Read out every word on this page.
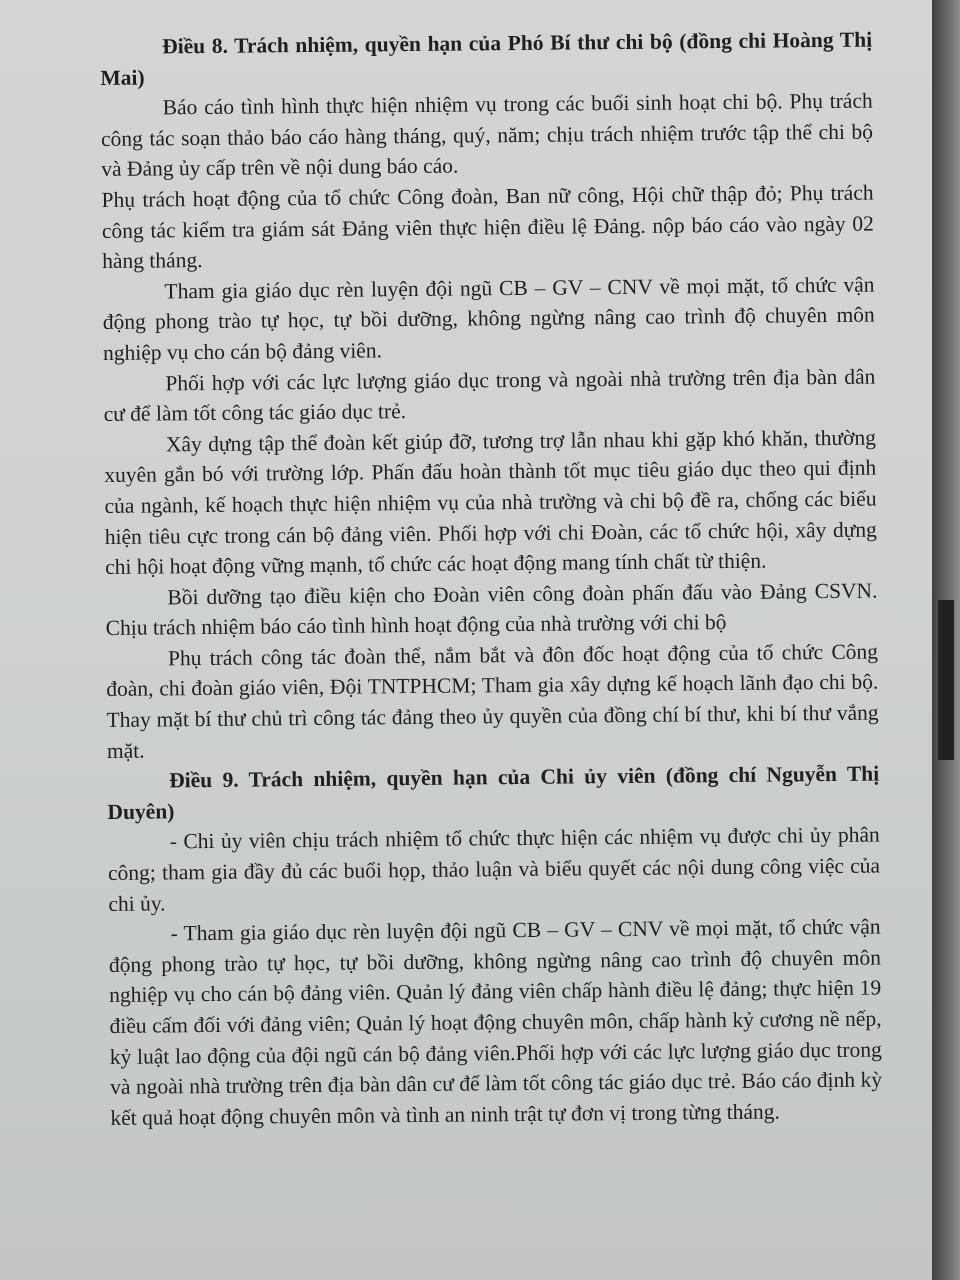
Điều 8. Trách nhiệm, quyền hạn của Phó Bí thư chi bộ (đồng chi Hoàng Thị Mai)

Báo cáo tình hình thực hiện nhiệm vụ trong các buổi sinh hoạt chi bộ. Phụ trách công tác soạn thảo báo cáo hàng tháng, quý, năm; chịu trách nhiệm trước tập thể chi bộ và Đảng ủy cấp trên về nội dung báo cáo.

Phụ trách hoạt động của tổ chức Công đoàn, Ban nữ công, Hội chữ thập đỏ; Phụ trách công tác kiểm tra giám sát Đảng viên thực hiện điều lệ Đảng. nộp báo cáo vào ngày 02 hàng tháng.

Tham gia giáo dục rèn luyện đội ngũ CB – GV – CNV về mọi mặt, tổ chức vận động phong trào tự học, tự bồi dưỡng, không ngừng nâng cao trình độ chuyên môn nghiệp vụ cho cán bộ đảng viên.

Phối hợp với các lực lượng giáo dục trong và ngoài nhà trường trên địa bàn dân cư để làm tốt công tác giáo dục trẻ.

Xây dựng tập thể đoàn kết giúp đỡ, tương trợ lẫn nhau khi gặp khó khăn, thường xuyên gắn bó với trường lớp. Phấn đấu hoàn thành tốt mục tiêu giáo dục theo qui định của ngành, kế hoạch thực hiện nhiệm vụ của nhà trường và chi bộ đề ra, chống các biểu hiện tiêu cực trong cán bộ đảng viên. Phối hợp với chi Đoàn, các tổ chức hội, xây dựng chi hội hoạt động vững mạnh, tổ chức các hoạt động mang tính chất từ thiện.

Bồi dưỡng tạo điều kiện cho Đoàn viên công đoàn phấn đấu vào Đảng CSVN. Chịu trách nhiệm báo cáo tình hình hoạt động của nhà trường với chi bộ

Phụ trách công tác đoàn thể, nắm bắt và đôn đốc hoạt động của tổ chức Công đoàn, chi đoàn giáo viên, Đội TNTPHCM; Tham gia xây dựng kế hoạch lãnh đạo chi bộ. Thay mặt bí thư chủ trì công tác đảng theo ủy quyền của đồng chí bí thư, khi bí thư vắng mặt.

Điều 9. Trách nhiệm, quyền hạn của Chi ủy viên (đồng chí Nguyễn Thị Duyên)

- Chi ủy viên chịu trách nhiệm tổ chức thực hiện các nhiệm vụ được chi ủy phân công; tham gia đầy đủ các buổi họp, thảo luận và biểu quyết các nội dung công việc của chi ủy.

- Tham gia giáo dục rèn luyện đội ngũ CB – GV – CNV về mọi mặt, tổ chức vận động phong trào tự học, tự bồi dưỡng, không ngừng nâng cao trình độ chuyên môn nghiệp vụ cho cán bộ đảng viên. Quản lý đảng viên chấp hành điều lệ đảng; thực hiện 19 điều cấm đối với đảng viên; Quản lý hoạt động chuyên môn, chấp hành kỷ cương nề nếp, kỷ luật lao động của đội ngũ cán bộ đảng viên.Phối hợp với các lực lượng giáo dục trong và ngoài nhà trường trên địa bàn dân cư để làm tốt công tác giáo dục trẻ. Báo cáo định kỳ kết quả hoạt động chuyên môn và tình an ninh trật tự đơn vị trong từng tháng.
